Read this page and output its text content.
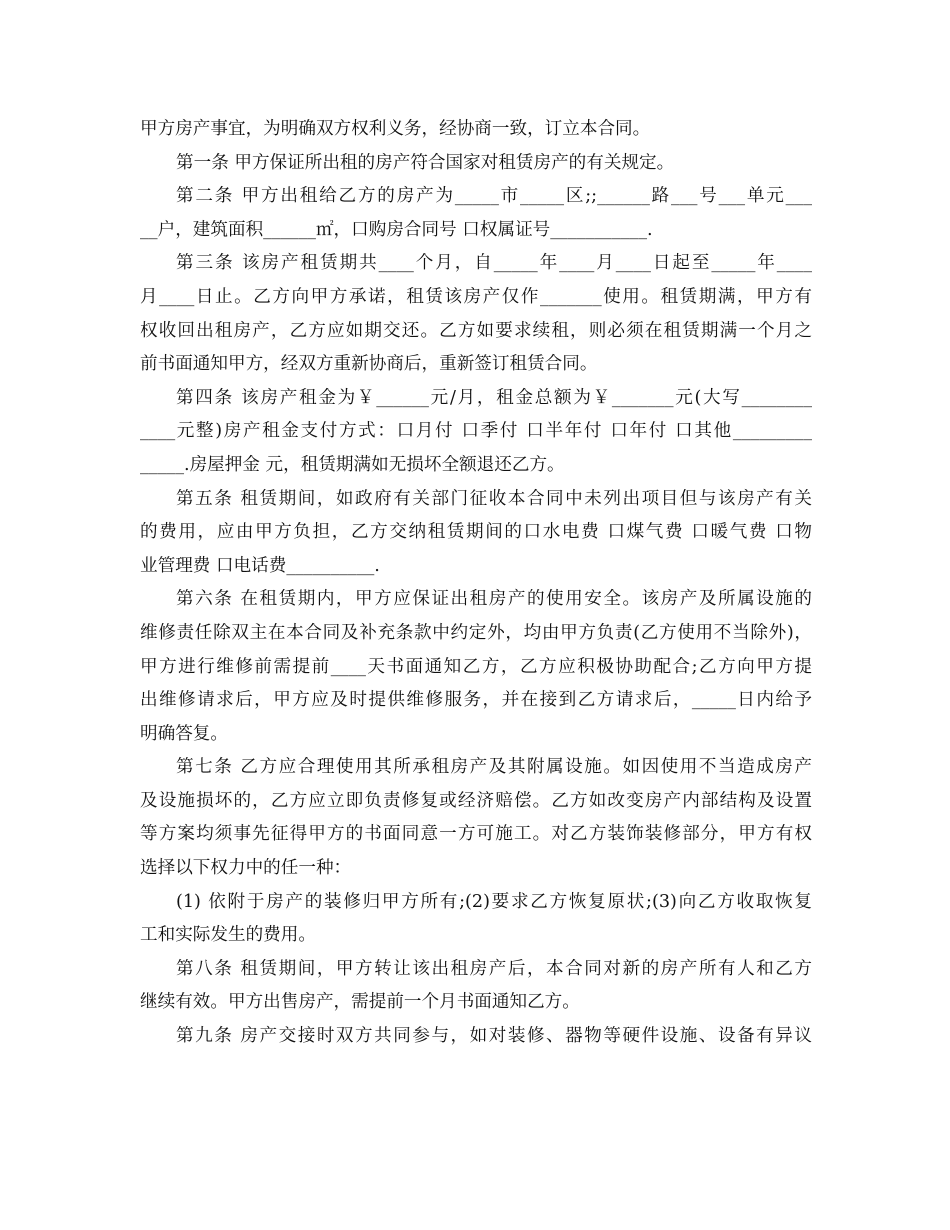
甲方房产事宜，为明确双方权利义务，经协商一致，订立本合同。
第一条 甲方保证所出租的房产符合国家对租赁房产的有关规定。
第二条 甲方出租给乙方的房产为_____市_____区;;______路___号___单元___
__户，建筑面积______㎡，口购房合同号 口权属证号___________.
第三条 该房产租赁期共____个月，自_____年____月____日起至_____年____
月____日止。乙方向甲方承诺，租赁该房产仅作_______使用。租赁期满，甲方有
权收回出租房产，乙方应如期交还。乙方如要求续租，则必须在租赁期满一个月之
前书面通知甲方，经双方重新协商后，重新签订租赁合同。
第四条 该房产租金为￥______元/月，租金总额为￥_______元(大写________
____元整)房产租金支付方式：口月付 口季付 口半年付 口年付 口其他_________
_____.房屋押金 元，租赁期满如无损坏全额退还乙方。
第五条 租赁期间，如政府有关部门征收本合同中未列出项目但与该房产有关
的费用，应由甲方负担，乙方交纳租赁期间的口水电费 口煤气费 口暖气费 口物
业管理费 口电话费__________.
第六条 在租赁期内，甲方应保证出租房产的使用安全。该房产及所属设施的
维修责任除双主在本合同及补充条款中约定外，均由甲方负责(乙方使用不当除外)，
甲方进行维修前需提前____天书面通知乙方，乙方应积极协助配合;乙方向甲方提
出维修请求后，甲方应及时提供维修服务，并在接到乙方请求后，_____日内给予
明确答复。
第七条 乙方应合理使用其所承租房产及其附属设施。如因使用不当造成房产
及设施损坏的，乙方应立即负责修复或经济赔偿。乙方如改变房产内部结构及设置
等方案均须事先征得甲方的书面同意一方可施工。对乙方装饰装修部分，甲方有权
选择以下权力中的任一种：
(1) 依附于房产的装修归甲方所有;(2)要求乙方恢复原状;(3)向乙方收取恢复
工和实际发生的费用。
第八条 租赁期间，甲方转让该出租房产后，本合同对新的房产所有人和乙方
继续有效。甲方出售房产，需提前一个月书面通知乙方。
第九条 房产交接时双方共同参与，如对装修、器物等硬件设施、设备有异议
